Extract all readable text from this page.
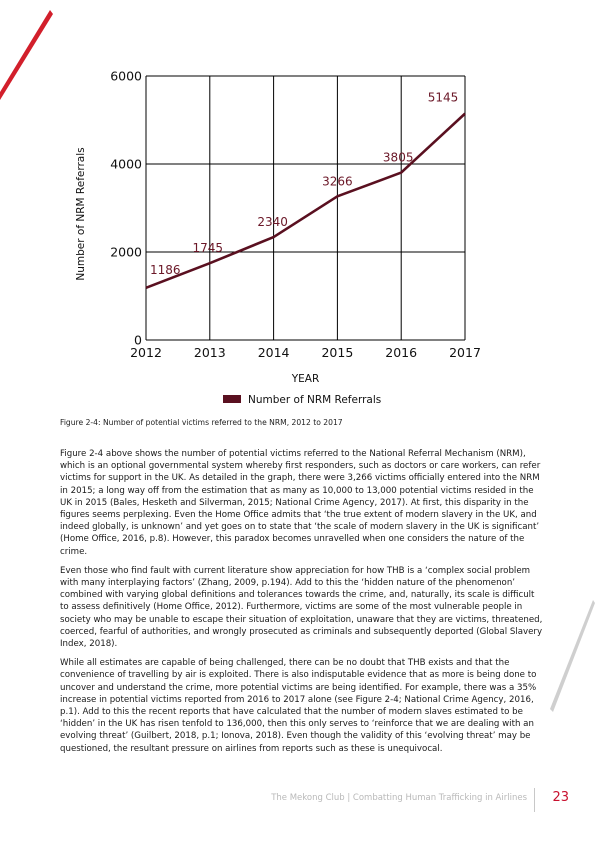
0
2000
4000
6000
2012	2013	2014	2015	2016	2017
1186
1745
2340
3266
3805
5145
Number of NRM Referrals
YEAR
Number of NRM Referrals
Figure 2-4: Number of potential victims referred to the NRM, 2012 to 2017

Figure 2-4 above shows the number of potential victims referred to the National Referral Mechanism (NRM), which is an optional governmental system whereby first responders, such as doctors or care workers, can refer victims for support in the UK. As detailed in the graph, there were 3,266 victims officially entered into the NRM in 2015; a long way off from the estimation that as many as 10,000 to 13,000 potential victims resided in the UK in 2015 (Bales, Hesketh and Silverman, 2015; National Crime Agency, 2017). At first, this disparity in the figures seems perplexing. Even the Home Office admits that ‘the true extent of modern slavery in the UK, and indeed globally, is unknown’ and yet goes on to state that ‘the scale of modern slavery in the UK is significant’ (Home Office, 2016, p.8). However, this paradox becomes unravelled when one considers the nature of the crime.

Even those who find fault with current literature show appreciation for how THB is a ‘complex social problem with many interplaying factors’ (Zhang, 2009, p.194). Add to this the ‘hidden nature of the phenomenon’ combined with varying global definitions and tolerances towards the crime, and, naturally, its scale is difficult to assess definitively (Home Office, 2012). Furthermore, victims are some of the most vulnerable people in society who may be unable to escape their situation of exploitation, unaware that they are victims, threatened, coerced, fearful of authorities, and wrongly prosecuted as criminals and subsequently deported (Global Slavery Index, 2018).

While all estimates are capable of being challenged, there can be no doubt that THB exists and that the convenience of travelling by air is exploited. There is also indisputable evidence that as more is being done to uncover and understand the crime, more potential victims are being identified. For example, there was a 35% increase in potential victims reported from 2016 to 2017 alone (see Figure 2-4; National Crime Agency, 2016, p.1). Add to this the recent reports that have calculated that the number of modern slaves estimated to be ‘hidden’ in the UK has risen tenfold to 136,000, then this only serves to ‘reinforce that we are dealing with an evolving threat’ (Guilbert, 2018, p.1; Ionova, 2018). Even though the validity of this ‘evolving threat’ may be questioned, the resultant pressure on airlines from reports such as these is unequivocal.

The Mekong Club | Combatting Human Trafficking in Airlines 23
